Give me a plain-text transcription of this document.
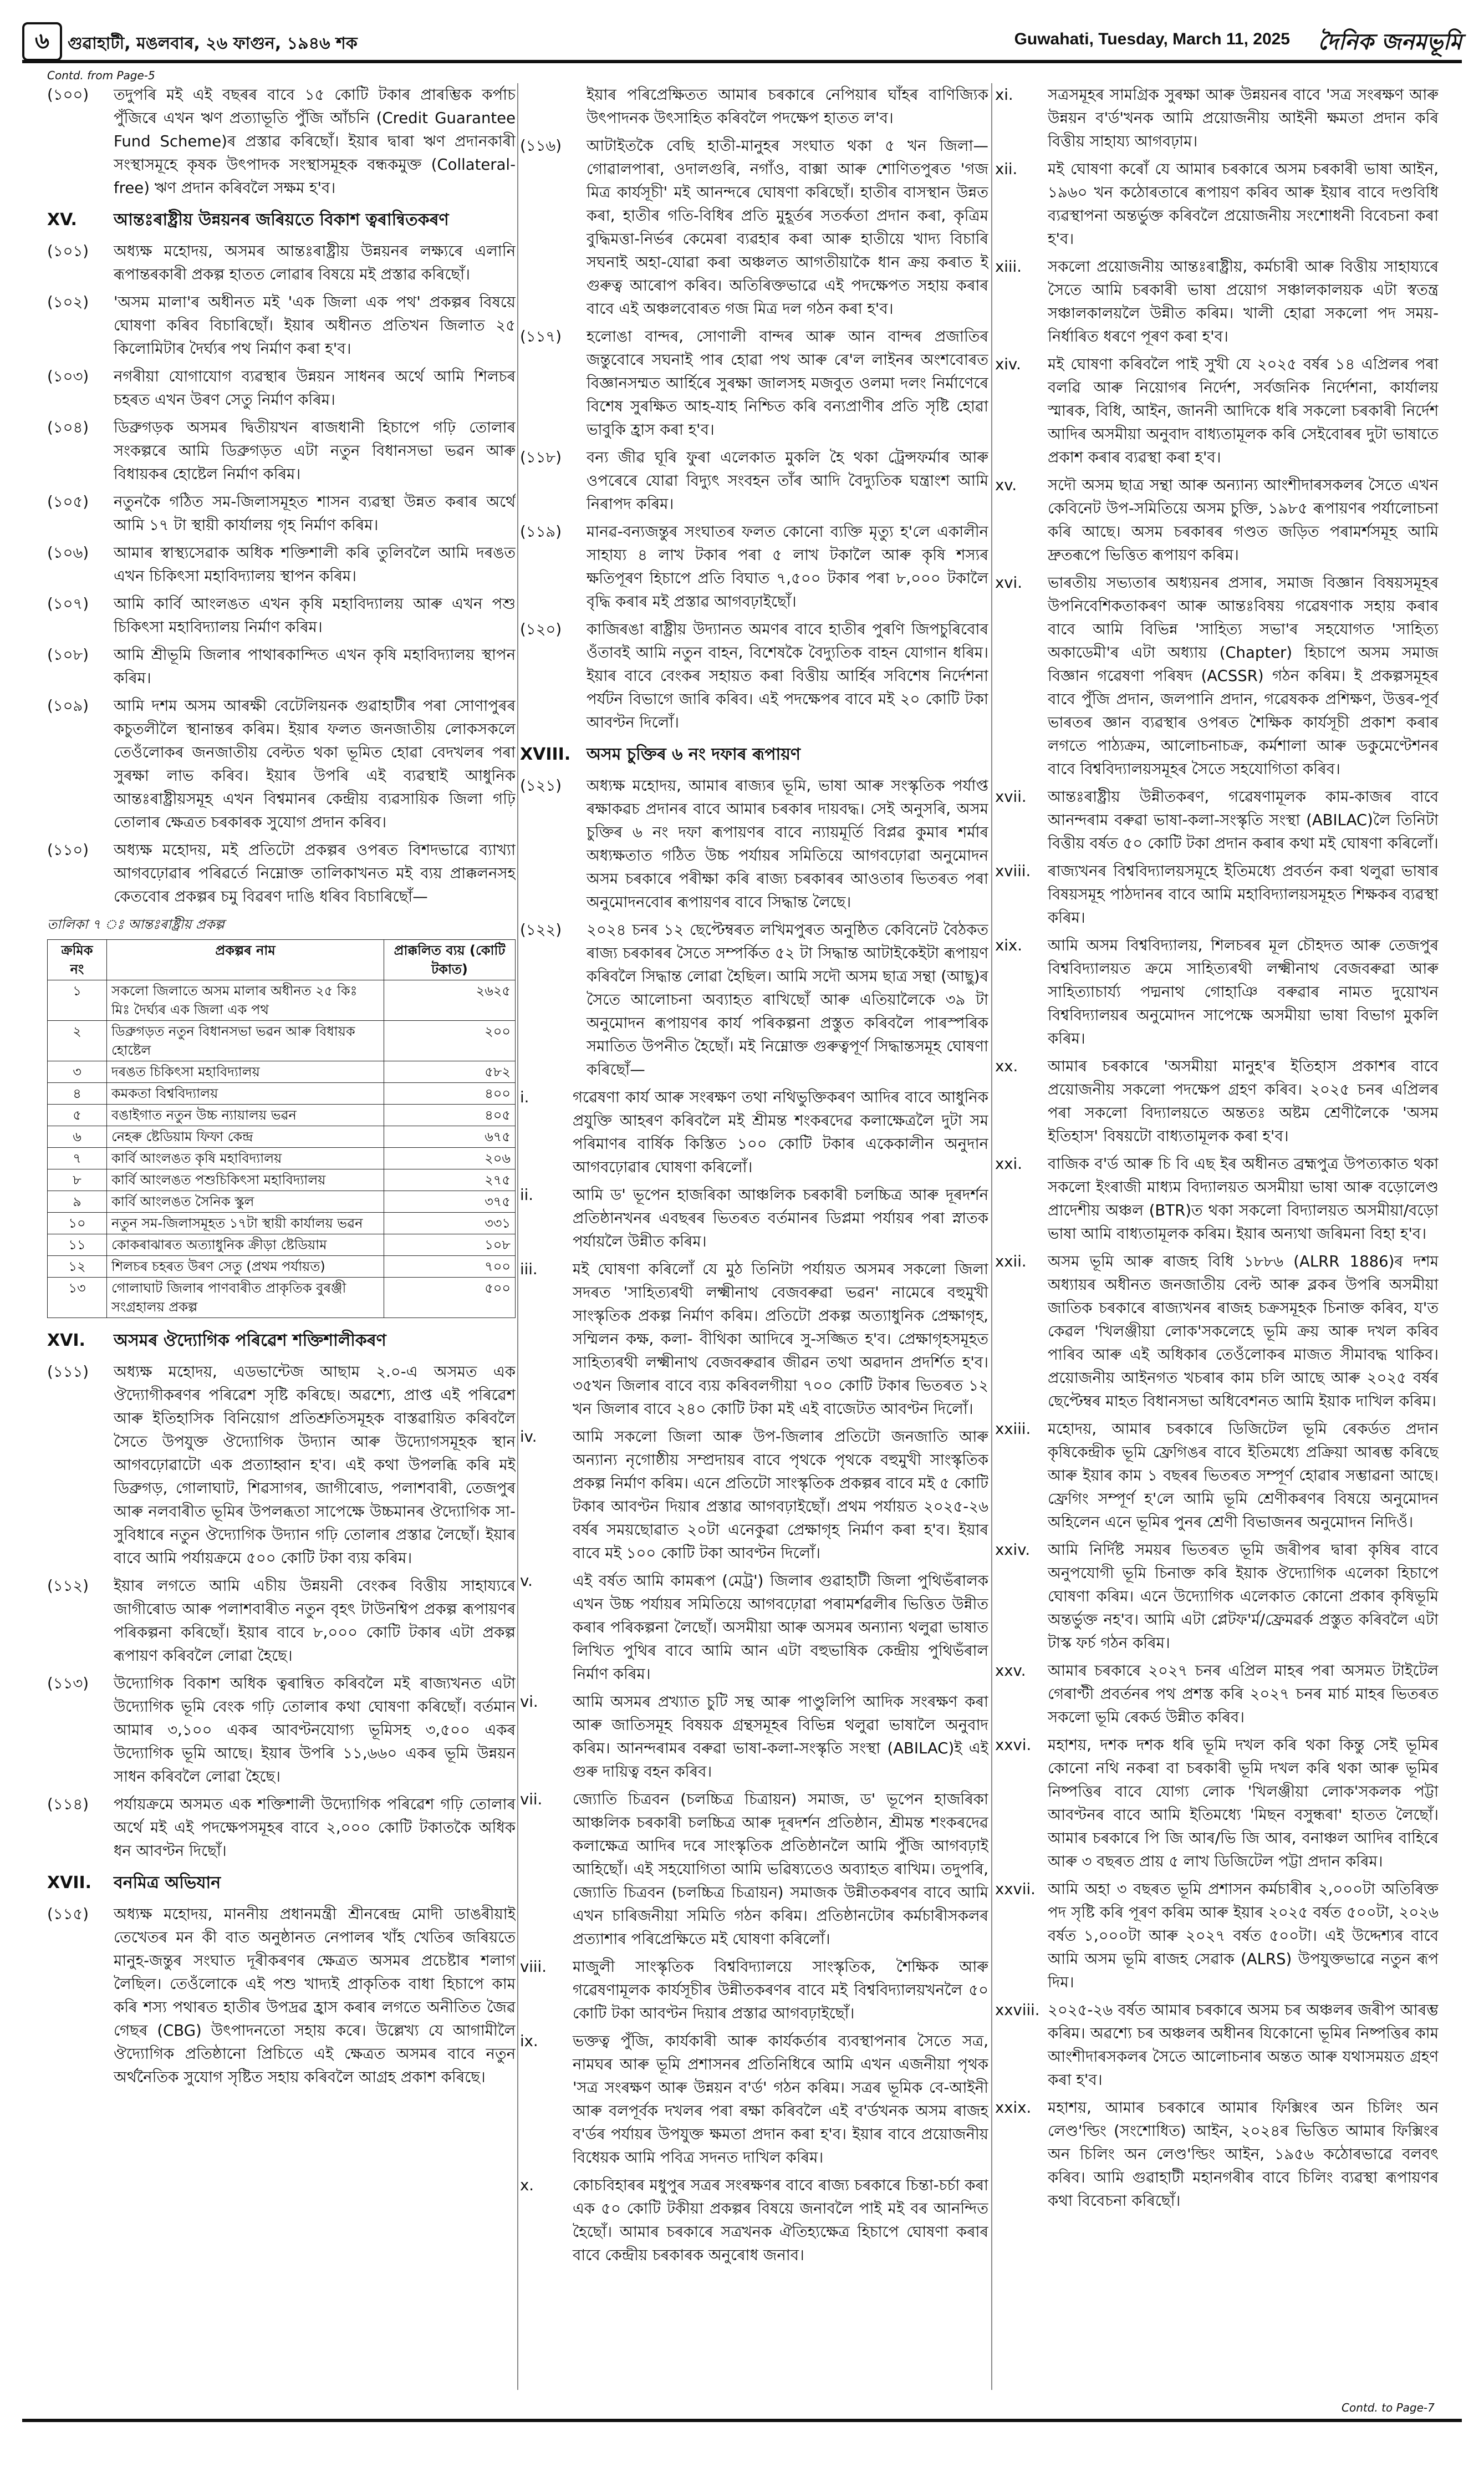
৬	গুৱাহাটী, মঙলবাৰ, ২৬ ফাগুন, ১৯৪৬ শক	Guwahati, Tuesday, March 11, 2025 দৈনিক জনমভূমি
Contd. from Page-5
(১০০)	তদুপৰি মই এই বছৰৰ বাবে ১৫ কোটি টকাৰ প্ৰাৰম্ভিক কৰ্পাচ পুঁজিৰে এখন ঋণ প্ৰত্যাভূতি পুঁজি আঁচনি (Credit Guarantee Fund Scheme)ৰ প্ৰস্তাৱ কৰিছোঁ। ইয়াৰ দ্বাৰা ঋণ প্ৰদানকাৰী সংস্থাসমূহে কৃষক উৎপাদক সংস্থাসমূহক বন্ধকমুক্ত (Collateral-free) ঋণ প্ৰদান কৰিবলৈ সক্ষম হ'ব।
XV.	আন্তঃৰাষ্ট্ৰীয় উন্নয়নৰ জৰিয়তে বিকাশ ত্বৰান্বিতকৰণ
(১০১)	অধ্যক্ষ মহোদয়, অসমৰ আন্তঃৰাষ্ট্ৰীয় উন্নয়নৰ লক্ষ্যৰে এলানি ৰূপান্তৰকাৰী প্ৰকল্প হাতত লোৱাৰ বিষয়ে মই প্ৰস্তাৱ কৰিছোঁ।
(১০২)	'অসম মালা'ৰ অধীনত মই 'এক জিলা এক পথ' প্ৰকল্পৰ বিষয়ে ঘোষণা কৰিব বিচাৰিছোঁ। ইয়াৰ অধীনত প্ৰতিখন জিলাত ২৫ কিলোমিটাৰ দৈৰ্ঘ্যৰ পথ নিৰ্মাণ কৰা হ'ব।
(১০৩)	নগৰীয়া যোগাযোগ ব্যৱস্থাৰ উন্নয়ন সাধনৰ অৰ্থে আমি শিলচৰ চহৰত এখন উৰণ সেতু নিৰ্মাণ কৰিম।
(১০৪)	ডিব্ৰুগড়ক অসমৰ দ্বিতীয়খন ৰাজধানী হিচাপে গঢ়ি তোলাৰ সংকল্পৰে আমি ডিব্ৰুগড়ত এটা নতুন বিধানসভা ভৱন আৰু বিধায়কৰ হোষ্টেল নিৰ্মাণ কৰিম।
(১০৫)	নতুনকৈ গঠিত সম-জিলাসমূহত শাসন ব্যৱস্থা উন্নত কৰাৰ অৰ্থে আমি ১৭ টা স্থায়ী কাৰ্যালয় গৃহ নিৰ্মাণ কৰিম।
(১০৬)	আমাৰ স্বাস্থ্যসেৱাক অধিক শক্তিশালী কৰি তুলিবলৈ আমি দৰঙত এখন চিকিৎসা মহাবিদ্যালয় স্থাপন কৰিম।
(১০৭)	আমি কাৰ্বি আংলঙত এখন কৃষি মহাবিদ্যালয় আৰু এখন পশু চিকিৎসা মহাবিদ্যালয় নিৰ্মাণ কৰিম।
(১০৮)	আমি শ্ৰীভূমি জিলাৰ পাথাৰকান্দিত এখন কৃষি মহাবিদ্যালয় স্থাপন কৰিম।
(১০৯)	আমি দশম অসম আৰক্ষী বেটেলিয়নক গুৱাহাটীৰ পৰা সোণাপুৰৰ কচুতলীলৈ স্থানান্তৰ কৰিম। ইয়াৰ ফলত জনজাতীয় লোকসকলে তেওঁলোকৰ জনজাতীয় বেল্টত থকা ভূমিত হোৱা বেদখলৰ পৰা সুৰক্ষা লাভ কৰিব। ইয়াৰ উপৰি এই ব্যৱস্থাই আধুনিক আন্তঃৰাষ্ট্ৰীয়সমূহ এখন বিশ্বমানৰ কেন্দ্ৰীয় ব্যৱসায়িক জিলা গঢ়ি তোলাৰ ক্ষেত্ৰত চৰকাৰক সুযোগ প্ৰদান কৰিব।
(১১০)	অধ্যক্ষ মহোদয়, মই প্ৰতিটো প্ৰকল্পৰ ওপৰত বিশদভাৱে ব্যাখ্যা আগবঢ়োৱাৰ পৰিৱৰ্তে নিম্নোক্ত তালিকাখনত মই ব্যয় প্ৰাক্কলনসহ কেতবোৰ প্ৰকল্পৰ চমু বিৱৰণ দাঙি ধৰিব বিচাৰিছোঁ—
তালিকা ৭ ঃ আন্তঃৰাষ্ট্ৰীয় প্ৰকল্প
ক্ৰমিক নং	প্ৰকল্পৰ নাম	প্ৰাক্কলিত ব্যয় (কোটি টকাত)
১	সকলো জিলাতে অসম মালাৰ অধীনত ২৫ কিঃ মিঃ দৈৰ্ঘ্যৰ এক জিলা এক পথ	২৬২৫
২	ডিব্ৰুগড়ত নতুন বিধানসভা ভৱন আৰু বিধায়ক হোষ্টেল	২০০
৩	দৰঙত চিকিৎসা মহাবিদ্যালয়	৫৮২
৪	কমকতা বিশ্ববিদ্যালয়	৪০০
৫	বঙাইগাত নতুন উচ্চ ন্যায়ালয় ভৱন	৪০৫
৬	নেহৰু ষ্টেডিয়াম ফিফা কেন্দ্ৰ	৬৭৫
৭	কাৰ্বি আংলঙত কৃষি মহাবিদ্যালয়	২০৬
৮	কাৰ্বি আংলঙত পশুচিকিৎসা মহাবিদ্যালয়	২৭৫
৯	কাৰ্বি আংলঙত সৈনিক স্কুল	৩৭৫
১০	নতুন সম-জিলাসমূহত ১৭টা স্থায়ী কাৰ্যালয় ভৱন	৩৩১
১১	কোকৰাঝাৰত অত্যাধুনিক ক্ৰীড়া ষ্টেডিয়াম	১০৮
১২	শিলচৰ চহৰত উৰণ সেতু (প্ৰথম পৰ্যায়ত)	৭০০
১৩	গোলাঘাট জিলাৰ পাণবাৰীত প্ৰাকৃতিক বুৰঞ্জী সংগ্ৰহালয় প্ৰকল্প	৫০০
XVI.	অসমৰ ঔদ্যোগিক পৰিৱেশ শক্তিশালীকৰণ
(১১১)	অধ্যক্ষ মহোদয়, এডভান্টেজ আছাম ২.০-এ অসমত এক ঔদ্যোগীকৰণৰ পৰিৱেশ সৃষ্টি কৰিছে। অৱশ্যে, প্ৰাপ্ত এই পৰিৱেশ আৰু ইতিহাসিক বিনিয়োগ প্ৰতিশ্ৰুতিসমূহক বাস্তৱায়িত কৰিবলৈ সৈতে উপযুক্ত ঔদ্যোগিক উদ্যান আৰু উদ্যোগসমূহক স্থান আগবঢ়োৱাটো এক প্ৰত্যাহ্বান হ'ব। এই কথা উপলব্ধি কৰি মই ডিব্ৰুগড়, গোলাঘাট, শিৱসাগৰ, জাগীৰোড, পলাশবাৰী, তেজপুৰ আৰু নলবাৰীত ভূমিৰ উপলব্ধতা সাপেক্ষে উচ্চমানৰ ঔদ্যোগিক সা-সুবিধাৰে নতুন ঔদ্যোগিক উদ্যান গঢ়ি তোলাৰ প্ৰস্তাৱ লৈছোঁ। ইয়াৰ বাবে আমি পৰ্যায়ক্ৰমে ৫০০ কোটি টকা ব্যয় কৰিম।
(১১২)	ইয়াৰ লগতে আমি এচীয় উন্নয়নী বেংকৰ বিত্তীয় সাহায্যৰে জাগীৰোড আৰু পলাশবাৰীত নতুন বৃহৎ টাউনশ্বিপ প্ৰকল্প ৰূপায়ণৰ পৰিকল্পনা কৰিছোঁ। ইয়াৰ বাবে ৮,০০০ কোটি টকাৰ এটা প্ৰকল্প ৰূপায়ণ কৰিবলৈ লোৱা হৈছে।
(১১৩)	উদ্যোগিক বিকাশ অধিক ত্বৰান্বিত কৰিবলৈ মই ৰাজ্যখনত এটা উদ্যোগিক ভূমি বেংক গঢ়ি তোলাৰ কথা ঘোষণা কৰিছোঁ। বৰ্তমান আমাৰ ৩,১০০ একৰ আবণ্টনযোগ্য ভূমিসহ ৩,৫০০ একৰ উদ্যোগিক ভূমি আছে। ইয়াৰ উপৰি ১১,৬৬০ একৰ ভূমি উন্নয়ন সাধন কৰিবলৈ লোৱা হৈছে।
(১১৪)	পৰ্যায়ক্ৰমে অসমত এক শক্তিশালী উদ্যোগিক পৰিৱেশ গঢ়ি তোলাৰ অৰ্থে মই এই পদক্ষেপসমূহৰ বাবে ২,০০০ কোটি টকাতকৈ অধিক ধন আবণ্টন দিছোঁ।
XVII.	বনমিত্ৰ অভিযান
(১১৫)	অধ্যক্ষ মহোদয়, মাননীয় প্ৰধানমন্ত্ৰী শ্ৰীনৰেন্দ্ৰ মোদী ডাঙৰীয়াই তেখেতৰ মন কী বাত অনুষ্ঠানত নেপালৰ খাঁহ খেতিৰ জৰিয়তে মানুহ-জন্তুৰ সংঘাত দূৰীকৰণৰ ক্ষেত্ৰত অসমৰ প্ৰচেষ্টাৰ শলাগ লৈছিল। তেওঁলোকে এই পশু খাদ্যই প্ৰাকৃতিক বাধা হিচাপে কাম কৰি শস্য পথাৰত হাতীৰ উপদ্ৰৱ হ্ৰাস কৰাৰ লগতে অনীতিত জৈৱ গেছৰ (CBG) উৎপাদনতো সহায় কৰে। উল্লেখ্য যে আগামীলৈ ঔদ্যোগিক প্ৰতিষ্ঠানো প্ৰিচিতে এই ক্ষেত্ৰত অসমৰ বাবে নতুন অৰ্থনৈতিক সুযোগ সৃষ্টিত সহায় কৰিবলৈ আগ্ৰহ প্ৰকাশ কৰিছে।
ইয়াৰ পৰিপ্ৰেক্ষিতত আমাৰ চৰকাৰে নেপিয়াৰ ঘাঁহৰ বাণিজ্যিক উৎপাদনক উৎসাহিত কৰিবলৈ পদক্ষেপ হাতত ল'ব।
(১১৬)	আটাইতকৈ বেছি হাতী-মানুহৰ সংঘাত থকা ৫ খন জিলা— গোৱালপাৰা, ওদালগুৰি, নগাঁও, বাক্সা আৰু শোণিতপুৰত 'গজ মিত্ৰ কাৰ্যসূচী' মই আনন্দৰে ঘোষণা কৰিছোঁ। হাতীৰ বাসস্থান উন্নত কৰা, হাতীৰ গতি-বিধিৰ প্ৰতি মুহূৰ্তৰ সতৰ্কতা প্ৰদান কৰা, কৃত্ৰিম বুদ্ধিমত্তা-নিৰ্ভৰ কেমেৰা ব্যৱহাৰ কৰা আৰু হাতীয়ে খাদ্য বিচাৰি সঘনাই অহা-যোৱা কৰা অঞ্চলত আগতীয়াকৈ ধান ক্ৰয় কৰাত ই গুৰুত্ব আৰোপ কৰিব। অতিৰিক্তভাৱে এই পদক্ষেপত সহায় কৰাৰ বাবে এই অঞ্চলবোৰত গজ মিত্ৰ দল গঠন কৰা হ'ব।
(১১৭)	হলোঙা বান্দৰ, সোণালী বান্দৰ আৰু আন বান্দৰ প্ৰজাতিৰ জন্তুবোৰে সঘনাই পাৰ হোৱা পথ আৰু ৰে'ল লাইনৰ অংশবোৰত বিজ্ঞানসম্মত আৰ্হিৰে সুৰক্ষা জালসহ মজবুত ওলমা দলং নিৰ্মাণেৰে বিশেষ সুৰক্ষিত আহ-যাহ নিশ্চিত কৰি বন্যপ্ৰাণীৰ প্ৰতি সৃষ্টি হোৱা ভাবুকি হ্ৰাস কৰা হ'ব।
(১১৮)	বন্য জীৱ ঘূৰি ফুৰা এলেকাত মুকলি হৈ থকা ট্ৰেন্সফৰ্মাৰ আৰু ওপৰেৰে যোৱা বিদ্যুৎ সংবহন তাঁৰ আদি বৈদ্যুতিক ঘন্ত্ৰাংশ আমি নিৰাপদ কৰিম।
(১১৯)	মানৱ-বন্যজন্তুৰ সংঘাতৰ ফলত কোনো ব্যক্তি মৃত্যু হ'লে একালীন সাহায্য ৪ লাখ টকাৰ পৰা ৫ লাখ টকালৈ আৰু কৃষি শস্যৰ ক্ষতিপূৰণ হিচাপে প্ৰতি বিঘাত ৭,৫০০ টকাৰ পৰা ৮,০০০ টকালৈ বৃদ্ধি কৰাৰ মই প্ৰস্তাৱ আগবঢ়াইছোঁ।
(১২০)	কাজিৰঙা ৰাষ্ট্ৰীয় উদ্যানত অমণৰ বাবে হাতীৰ পুৰণি জিপচুৰিবোৰ ওঁতাবই আমি নতুন বাহন, বিশেষকৈ বৈদ্যুতিক বাহন যোগান ধৰিম। ইয়াৰ বাবে বেংকৰ সহায়ত কৰা বিত্তীয় আৰ্হিৰ সবিশেষ নিৰ্দেশনা পৰ্যটন বিভাগে জাৰি কৰিব। এই পদক্ষেপৰ বাবে মই ২০ কোটি টকা আবণ্টন দিলোঁ।
XVIII. অসম চুক্তিৰ ৬ নং দফাৰ ৰূপায়ণ
(১২১)	অধ্যক্ষ মহোদয়, আমাৰ ৰাজ্যৰ ভূমি, ভাষা আৰু সংস্কৃতিক পৰ্যাপ্ত ৰক্ষাকৱচ প্ৰদানৰ বাবে আমাৰ চৰকাৰ দায়বদ্ধ। সেই অনুসৰি, অসম চুক্তিৰ ৬ নং দফা ৰূপায়ণৰ বাবে ন্যায়মূৰ্তি বিপ্লৱ কুমাৰ শৰ্মাৰ অধ্যক্ষতাত গঠিত উচ্চ পৰ্যায়ৰ সমিতিয়ে আগবঢ়োৱা অনুমোদন অসম চৰকাৰে পৰীক্ষা কৰি ৰাজ্য চৰকাৰৰ আওতাৰ ভিতৰত পৰা অনুমোদনবোৰ ৰূপায়ণৰ বাবে সিদ্ধান্ত লৈছে।
(১২২)	২০২৪ চনৰ ১২ ছেপ্টেম্বৰত লখিমপুৰত অনুষ্ঠিত কেবিনেট বৈঠকত ৰাজ্য চৰকাৰৰ সৈতে সম্পৰ্কিত ৫২ টা সিদ্ধান্ত আটাইকেইটা ৰূপায়ণ কৰিবলৈ সিদ্ধান্ত লোৱা হৈছিল। আমি সদৌ অসম ছাত্ৰ সন্থা (আছু)ৰ সৈতে আলোচনা অব্যাহত ৰাখিছোঁ আৰু এতিয়ালৈকে ৩৯ টা অনুমোদন ৰূপায়ণৰ কাৰ্য পৰিকল্পনা প্ৰস্তুত কৰিবলৈ পাৰস্পৰিক সমাতিত উপনীত হৈছোঁ। মই নিম্নোক্ত গুৰুত্বপূৰ্ণ সিদ্ধান্তসমূহ ঘোষণা কৰিছোঁ—
i.	গৱেষণা কাৰ্য আৰু সংৰক্ষণ তথা নথিভুক্তিকৰণ আদিৰ বাবে আধুনিক প্ৰযুক্তি আহৰণ কৰিবলৈ মই শ্ৰীমন্ত শংকৰদেৱ কলাক্ষেত্ৰলৈ দুটা সম পৰিমাণৰ বাৰ্ষিক কিস্তিত ১০০ কোটি টকাৰ একেকালীন অনুদান আগবঢ়োৱাৰ ঘোষণা কৰিলোঁ।
ii.	আমি ড' ভূপেন হাজৰিকা আঞ্চলিক চৰকাৰী চলচ্চিত্ৰ আৰু দূৰদৰ্শন প্ৰতিষ্ঠানখনৰ এবছৰৰ ভিতৰত বৰ্তমানৰ ডিপ্লমা পৰ্যায়ৰ পৰা স্নাতক পৰ্যায়লৈ উন্নীত কৰিম।
iii.	মই ঘোষণা কৰিলোঁ যে মুঠ তিনিটা পৰ্যায়ত অসমৰ সকলো জিলা সদৰত 'সাহিত্যৰথী লক্ষ্মীনাথ বেজবৰুৱা ভৱন' নামেৰে বহুমুখী সাংস্কৃতিক প্ৰকল্প নিৰ্মাণ কৰিম। প্ৰতিটো প্ৰকল্প অত্যাধুনিক প্ৰেক্ষাগৃহ, সম্মিলন কক্ষ, কলা- বীথিকা আদিৰে সু-সজ্জিত হ'ব। প্ৰেক্ষাগৃহসমূহত সাহিত্যৰথী লক্ষ্মীনাথ বেজবৰুৱাৰ জীৱন তথা অৱদান প্ৰদৰ্শিত হ'ব। ৩৫খন জিলাৰ বাবে ব্যয় কৰিবলগীয়া ৭০০ কোটি টকাৰ ভিতৰত ১২ খন জিলাৰ বাবে ২৪০ কোটি টকা মই এই বাজেটত আবণ্টন দিলোঁ।
iv.	আমি সকলো জিলা আৰু উপ-জিলাৰ প্ৰতিটো জনজাতি আৰু অন্যান্য নৃগোষ্ঠীয় সম্প্ৰদায়ৰ বাবে পৃথকে পৃথকে বহুমুখী সাংস্কৃতিক প্ৰকল্প নিৰ্মাণ কৰিম। এনে প্ৰতিটো সাংস্কৃতিক প্ৰকল্পৰ বাবে মই ৫ কোটি টকাৰ আবণ্টন দিয়াৰ প্ৰস্তাৱ আগবঢ়াইছোঁ। প্ৰথম পৰ্যায়ত ২০২৫-২৬ বৰ্ষৰ সময়ছোৱাত ২০টা এনেকুৱা প্ৰেক্ষাগৃহ নিৰ্মাণ কৰা হ'ব। ইয়াৰ বাবে মই ১০০ কোটি টকা আবণ্টন দিলোঁ।
v.	এই বৰ্ষত আমি কামৰূপ (মেট্ৰ') জিলাৰ গুৱাহাটী জিলা পুথিভঁৰালক এখন উচ্চ পৰ্যায়ৰ সমিতিয়ে আগবঢ়োৱা পৰামৰ্শৱলীৰ ভিত্তিত উন্নীত কৰাৰ পৰিকল্পনা লৈছোঁ। অসমীয়া আৰু অসমৰ অন্যান্য থলুৱা ভাষাত লিখিত পুথিৰ বাবে আমি আন এটা বহুভাষিক কেন্দ্ৰীয় পুথিভঁৰাল নিৰ্মাণ কৰিম।
vi.	আমি অসমৰ প্ৰখ্যাত চুটি সন্থ আৰু পাণ্ডুলিপি আদিক সংৰক্ষণ কৰা আৰু জাতিসমূহ বিষয়ক গ্ৰন্থসমূহৰ বিভিন্ন থলুৱা ভাষালৈ অনুবাদ কৰিম। আনন্দৰামৰ বৰুৱা ভাষা-কলা-সংস্কৃতি সংস্থা (ABILAC)ই এই গুৰু দায়িত্ব বহন কৰিব।
vii.	জ্যোতি চিত্ৰবন (চলচ্চিত্ৰ চিত্ৰায়ন) সমাজ, ড' ভূপেন হাজৰিকা আঞ্চলিক চৰকাৰী চলচ্চিত্ৰ আৰু দূৰদৰ্শন প্ৰতিষ্ঠান, শ্ৰীমন্ত শংকৰদেৱ কলাক্ষেত্ৰ আদিৰ দৰে সাংস্কৃতিক প্ৰতিষ্ঠানলৈ আমি পুঁজি আগবঢ়াই আহিছোঁ। এই সহযোগিতা আমি ভৱিষ্যতেও অব্যাহত ৰাখিম। তদুপৰি, জ্যোতি চিত্ৰবন (চলচ্চিত্ৰ চিত্ৰায়ন) সমাজক উন্নীতকৰণৰ বাবে আমি এখন চাৰিজনীয়া সমিতি গঠন কৰিম। প্ৰতিষ্ঠানটোৰ কৰ্মচাৰীসকলৰ প্ৰত্যাশাৰ পৰিপ্ৰেক্ষিতে মই ঘোষণা কৰিলোঁ।
viii.	মাজুলী সাংস্কৃতিক বিশ্ববিদ্যালয়ে সাংস্কৃতিক, শৈক্ষিক আৰু গৱেষণামূলক কাৰ্যসূচীৰ উন্নীতকৰণৰ বাবে মই বিশ্ববিদ্যালয়খনলৈ ৫০ কোটি টকা আবণ্টন দিয়াৰ প্ৰস্তাৱ আগবঢ়াইছোঁ।
ix.	ভক্তত্ব পুঁজি, কাৰ্যকাৰী আৰু কাৰ্যকৰ্তাৰ ব্যবস্থাপনাৰ সৈতে সত্ৰ, নামঘৰ আৰু ভূমি প্ৰশাসনৰ প্ৰতিনিধিৰে আমি এখন এজনীয়া পৃথক 'সত্ৰ সংৰক্ষণ আৰু উন্নয়ন ব'ৰ্ড' গঠন কৰিম। সত্ৰৰ ভূমিক বে-আইনী আৰু বলপূৰ্বক দখলৰ পৰা ৰক্ষা কৰিবলৈ এই ব'ৰ্ডখনক অসম ৰাজহ ব'ৰ্ডৰ পৰ্যায়ৰ উপযুক্ত ক্ষমতা প্ৰদান কৰা হ'ব। ইয়াৰ বাবে প্ৰয়োজনীয় বিধেয়ক আমি পবিত্ৰ সদনত দাখিল কৰিম।
x.	কোচবিহাৰৰ মধুপুৰ সত্ৰৰ সংৰক্ষণৰ বাবে ৰাজ্য চৰকাৰে চিন্তা-চৰ্চা কৰা এক ৫০ কোটি টকীয়া প্ৰকল্পৰ বিষয়ে জনাবলৈ পাই মই বৰ আনন্দিত হৈছোঁ। আমাৰ চৰকাৰে সত্ৰখনক ঐতিহ্যক্ষেত্ৰ হিচাপে ঘোষণা কৰাৰ বাবে কেন্দ্ৰীয় চৰকাৰক অনুৰোধ জনাব।
xi.	সত্ৰসমূহৰ সামগ্ৰিক সুৰক্ষা আৰু উন্নয়নৰ বাবে 'সত্ৰ সংৰক্ষণ আৰু উন্নয়ন ব'ৰ্ড'খনক আমি প্ৰয়োজনীয় আইনী ক্ষমতা প্ৰদান কৰি বিত্তীয় সাহায্য আগবঢ়াম।
xii.	মই ঘোষণা কৰোঁ যে আমাৰ চৰকাৰে অসম চৰকাৰী ভাষা আইন, ১৯৬০ খন কঠোৰতাৰে ৰূপায়ণ কৰিব আৰু ইয়াৰ বাবে দণ্ডবিধি ব্যৱস্থাপনা অন্তৰ্ভুক্ত কৰিবলৈ প্ৰয়োজনীয় সংশোধনী বিবেচনা কৰা হ'ব।
xiii.	সকলো প্ৰয়োজনীয় আন্তঃৰাষ্ট্ৰীয়, কৰ্মচাৰী আৰু বিত্তীয় সাহায্যৰে সৈতে আমি চৰকাৰী ভাষা প্ৰয়োগ সঞ্চালকালয়ক এটা স্বতন্ত্ৰ সঞ্চালকালয়লৈ উন্নীত কৰিম। খালী হোৱা সকলো পদ সময়-নিৰ্ধাৰিত ধৰণে পূৰণ কৰা হ'ব।
xiv.	মই ঘোষণা কৰিবলৈ পাই সুখী যে ২০২৫ বৰ্ষৰ ১৪ এপ্ৰিলৰ পৰা বলৱি আৰু নিয়োগৰ নিৰ্দেশ, সৰ্বজনিক নিৰ্দেশনা, কাৰ্যালয় স্মাৰক, বিধি, আইন, জাননী আদিকে ধৰি সকলো চৰকাৰী নিৰ্দেশ আদিৰ অসমীয়া অনুবাদ বাধ্যতামূলক কৰি সেইবোৰৰ দুটা ভাষাতে প্ৰকাশ কৰাৰ ব্যৱস্থা কৰা হ'ব।
xv.	সদৌ অসম ছাত্ৰ সন্থা আৰু অন্যান্য আংশীদাৰসকলৰ সৈতে এখন কেবিনেট উপ-সমিতিয়ে অসম চুক্তি, ১৯৮৫ ৰূপায়ণৰ পৰ্যালোচনা কৰি আছে। অসম চৰকাৰৰ গণ্ডত জড়িত পৰামৰ্শসমূহ আমি দ্ৰুতৰূপে ভিত্তিত ৰূপায়ণ কৰিম।
xvi.	ভাৰতীয় সভ্যতাৰ অধ্যয়নৰ প্ৰসাৰ, সমাজ বিজ্ঞান বিষয়সমূহৰ উপনিবেশিকতাকৰণ আৰু আন্তঃবিষয় গৱেষণাক সহায় কৰাৰ বাবে আমি বিভিন্ন 'সাহিত্য সভা'ৰ সহযোগত 'সাহিত্য অকাডেমী'ৰ এটা অধ্যায় (Chapter) হিচাপে অসম সমাজ বিজ্ঞান গৱেষণা পৰিষদ (ACSSR) গঠন কৰিম। ই প্ৰকল্পসমূহৰ বাবে পুঁজি প্ৰদান, জলপানি প্ৰদান, গৱেষকক প্ৰশিক্ষণ, উত্তৰ-পূৰ্ব ভাৰতৰ জ্ঞান ব্যৱস্থাৰ ওপৰত শৈক্ষিক কাৰ্যসূচী প্ৰকাশ কৰাৰ লগতে পাঠ্যক্ৰম, আলোচনাচক্ৰ, কৰ্মশালা আৰু ডকুমেণ্টেশনৰ বাবে বিশ্ববিদ্যালয়সমূহৰ সৈতে সহযোগিতা কৰিব।
xvii.	আন্তঃৰাষ্ট্ৰীয় উন্নীতকৰণ, গৱেষণামূলক কাম-কাজৰ বাবে আনন্দৰাম বৰুৱা ভাষা-কলা-সংস্কৃতি সংস্থা (ABILAC)লৈ তিনিটা বিত্তীয় বৰ্ষত ৫০ কোটি টকা প্ৰদান কৰাৰ কথা মই ঘোষণা কৰিলোঁ।
xviii.	ৰাজ্যখনৰ বিশ্ববিদ্যালয়সমূহে ইতিমধ্যে প্ৰবৰ্তন কৰা থলুৱা ভাষাৰ বিষয়সমূহ পাঠদানৰ বাবে আমি মহাবিদ্যালয়সমূহত শিক্ষকৰ ব্যৱস্থা কৰিম।
xix.	আমি অসম বিশ্ববিদ্যালয়, শিলচৰৰ মূল চৌহদত আৰু তেজপুৰ বিশ্ববিদ্যালয়ত ক্ৰমে সাহিত্যৰথী লক্ষ্মীনাথ বেজবৰুৱা আৰু সাহিত্যাচাৰ্য্য পদ্মনাথ গোহাঞি বৰুৱাৰ নামত দুয়োখন বিশ্ববিদ্যালয়ৰ অনুমোদন সাপেক্ষে অসমীয়া ভাষা বিভাগ মুকলি কৰিম।
xx.	আমাৰ চৰকাৰে 'অসমীয়া মানুহ'ৰ ইতিহাস প্ৰকাশৰ বাবে প্ৰয়োজনীয় সকলো পদক্ষেপ গ্ৰহণ কৰিব। ২০২৫ চনৰ এপ্ৰিলৰ পৰা সকলো বিদ্যালয়তে অন্ততঃ অষ্টম শ্ৰেণীলৈকে 'অসম ইতিহাস' বিষয়টো বাধ্যতামূলক কৰা হ'ব।
xxi.	বাজিক ব'ৰ্ড আৰু চি বি এছ ইৰ অধীনত ব্ৰহ্মপুত্ৰ উপত্যকাত থকা সকলো ইংৰাজী মাধ্যম বিদ্যালয়ত অসমীয়া ভাষা আৰু বড়োলেণ্ড প্ৰাদেশীয় অঞ্চল (BTR)ত থকা সকলো বিদ্যালয়ত অসমীয়া/বড়ো ভাষা আমি বাধ্যতামূলক কৰিম। ইয়াৰ অন্যথা জৰিমনা বিহা হ'ব।
xxii.	অসম ভূমি আৰু ৰাজহ বিধি ১৮৮৬ (ALRR 1886)ৰ দশম অধ্যায়ৰ অধীনত জনজাতীয় বেল্ট আৰু ব্লকৰ উপৰি অসমীয়া জাতিক চৰকাৰে ৰাজ্যখনৰ ৰাজহ চক্ৰসমূহক চিনাক্ত কৰিব, য'ত কেৱল 'খিলঞ্জীয়া লোক'সকলেহে ভূমি ক্ৰয় আৰু দখল কৰিব পাৰিব আৰু এই অধিকাৰ তেওঁলোকৰ মাজত সীমাবদ্ধ থাকিব। প্ৰয়োজনীয় আইনগত খচৰাৰ কাম চলি আছে আৰু ২০২৫ বৰ্ষৰ ছেপ্টেম্বৰ মাহত বিধানসভা অধিবেশনত আমি ইয়াক দাখিল কৰিম।
xxiii.	মহোদয়, আমাৰ চৰকাৰে ডিজিটেল ভূমি ৰেকৰ্ডত প্ৰদান কৃষিকেন্দ্ৰীক ভূমি ফ্ৰেগিঙৰ বাবে ইতিমধ্যে প্ৰক্ৰিয়া আৰম্ভ কৰিছে আৰু ইয়াৰ কাম ১ বছৰৰ ভিতৰত সম্পূৰ্ণ হোৱাৰ সম্ভাৱনা আছে। ফ্ৰেগিং সম্পূৰ্ণ হ'লে আমি ভূমি শ্ৰেণীকৰণৰ বিষয়ে অনুমোদন অহিলেন এনে ভূমিৰ পুনৰ শ্ৰেণী বিভাজনৰ অনুমোদন নিদিওঁ।
xxiv.	আমি নিৰ্দিষ্ট সময়ৰ ভিতৰত ভূমি জৰীপৰ দ্বাৰা কৃষিৰ বাবে অনুপযোগী ভূমি চিনাক্ত কৰি ইয়াক ঔদ্যোগিক এলেকা হিচাপে ঘোষণা কৰিম। এনে উদ্যোগিক এলেকাত কোনো প্ৰকাৰ কৃষিভূমি অন্তৰ্ভুক্ত নহ'ব। আমি এটা প্লেটফ'ৰ্ম/ফ্ৰেমৱৰ্ক প্ৰস্তুত কৰিবলৈ এটা টাস্ক ফৰ্চ গঠন কৰিম।
xxv.	আমাৰ চৰকাৰে ২০২৭ চনৰ এপ্ৰিল মাহৰ পৰা অসমত টাইটেল গেৰাণ্টী প্ৰবৰ্তনৰ পথ প্ৰশস্ত কৰি ২০২৭ চনৰ মাৰ্চ মাহৰ ভিতৰত সকলো ভূমি ৰেকৰ্ড উন্নীত কৰিব।
xxvi.	মহাশয়, দশক দশক ধৰি ভূমি দখল কৰি থকা কিন্তু সেই ভূমিৰ কোনো নথি নকৰা বা চৰকাৰী ভূমি দখল কৰি থকা আৰু ভূমিৰ নিষ্পত্তিৰ বাবে যোগ্য লোক 'খিলঞ্জীয়া লোক'সকলক পট্টা আবণ্টনৰ বাবে আমি ইতিমধ্যে 'মিছন বসুন্ধৰা' হাতত লৈছোঁ। আমাৰ চৰকাৰে পি জি আৰ/ভি জি আৰ, বনাঞ্চল আদিৰ বাহিৰে আৰু ৩ বছৰত প্ৰায় ৫ লাখ ডিজিটেল পট্টা প্ৰদান কৰিম।
xxvii. আমি অহা ৩ বছৰত ভূমি প্ৰশাসন কৰ্মচাৰীৰ ২,০০০টা অতিৰিক্ত পদ সৃষ্টি কৰি পূৰণ কৰিম আৰু ইয়াৰ ২০২৫ বৰ্ষত ৫০০টা, ২০২৬ বৰ্ষত ১,০০০টা আৰু ২০২৭ বৰ্ষত ৫০০টা। এই উদ্দেশ্যৰ বাবে আমি অসম ভূমি ৰাজহ সেৱাক (ALRS) উপযুক্তভাৱে নতুন ৰূপ দিম।
xxviii. ২০২৫-২৬ বৰ্ষত আমাৰ চৰকাৰে অসম চৰ অঞ্চলৰ জৰীপ আৰম্ভ কৰিম। অৱশ্যে চৰ অঞ্চলৰ অধীনৰ যিকোনো ভূমিৰ নিষ্পত্তিৰ কাম আংশীদাৰসকলৰ সৈতে আলোচনাৰ অন্তত আৰু যথাসময়ত গ্ৰহণ কৰা হ'ব।
xxix.	মহাশয়, আমাৰ চৰকাৰে আমাৰ ফিক্সিংৰ অন চিলিং অন লেণ্ড'ল্ডিং (সংশোধিত) আইন, ২০২৪ৰ ভিত্তিত আমাৰ ফিক্সিংৰ অন চিলিং অন লেণ্ড'ল্ডিং আইন, ১৯৫৬ কঠোৰভাৱে বলবৎ কৰিব। আমি গুৱাহাটী মহানগৰীৰ বাবে চিলিং ব্যৱস্থা ৰূপায়ণৰ কথা বিবেচনা কৰিছোঁ।
Contd. to Page-7
